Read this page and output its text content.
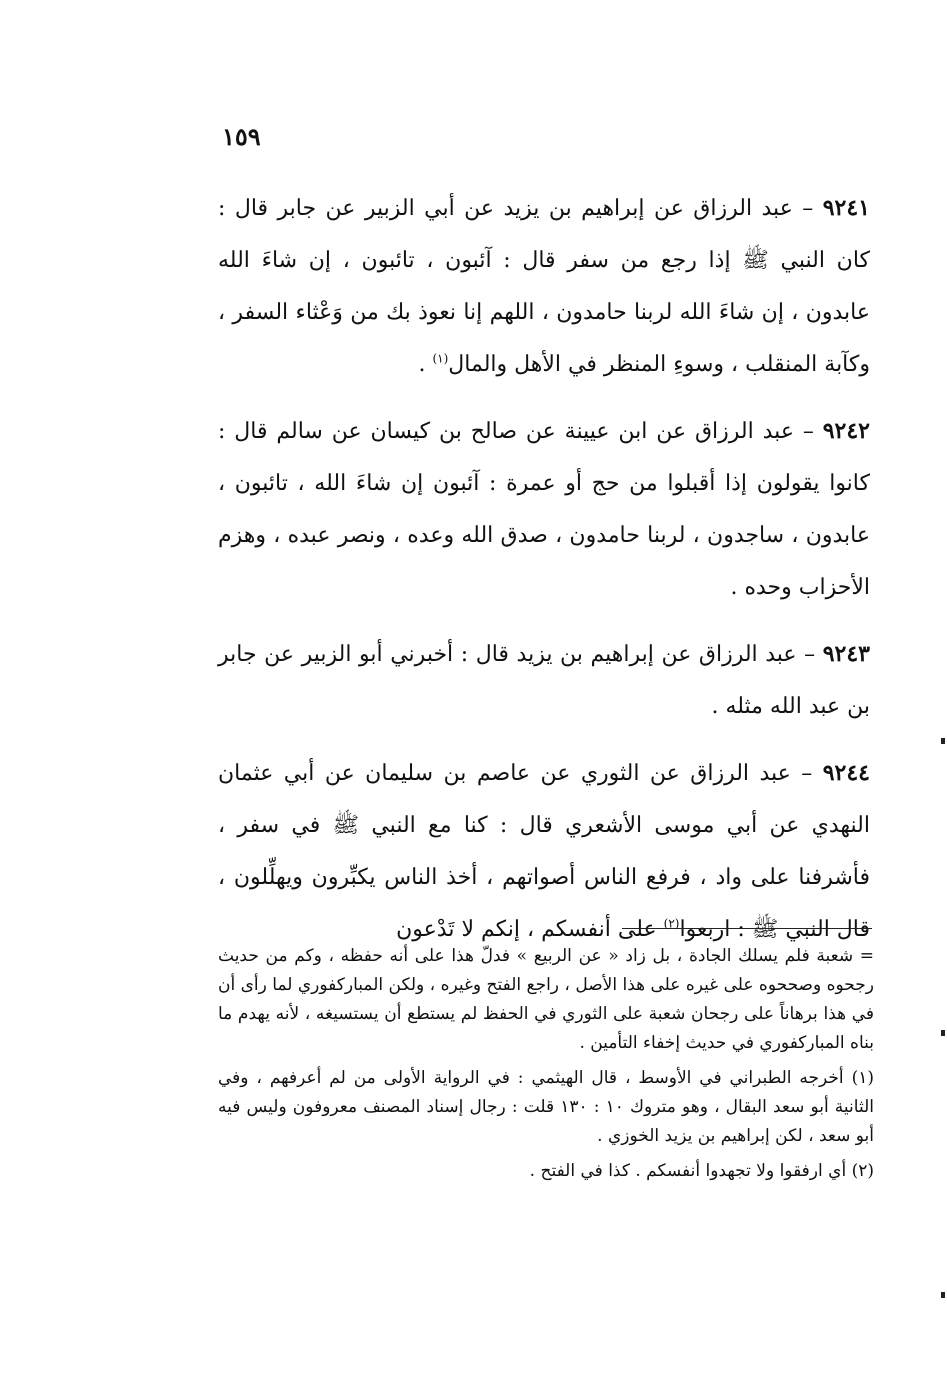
١٥٩

٩٢٤١ – عبد الرزاق عن إبراهيم بن يزيد عن أبي الزبير عن جابر قال : كان النبي ﷺ إذا رجع من سفر قال : آئبون ، تائبون ، إن شاءَ الله عابدون ، إن شاءَ الله لربنا حامدون ، اللهم إنا نعوذ بك من وَعْثاء السفر ، وكآبة المنقلب ، وسوءِ المنظر في الأهل والمال$^{(١)}$ .

٩٢٤٢ – عبد الرزاق عن ابن عيينة عن صالح بن كيسان عن سالم قال : كانوا يقولون إذا أقبلوا من حج أو عمرة : آئبون إن شاءَ الله ، تائبون ، عابدون ، ساجدون ، لربنا حامدون ، صدق الله وعده ، ونصر عبده ، وهزم الأحزاب وحده .

٩٢٤٣ – عبد الرزاق عن إبراهيم بن يزيد قال : أخبرني أبو الزبير عن جابر بن عبد الله مثله .

٩٢٤٤ – عبد الرزاق عن الثوري عن عاصم بن سليمان عن أبي عثمان النهدي عن أبي موسى الأشعري قال : كنا مع النبي ﷺ في سفر ، فأشرفنا على واد ، فرفع الناس أصواتهم ، أخذ الناس يكبِّرون ويهلِّلون ، قال النبي ﷺ : اربعوا$^{(٢)}$ على أنفسكم ، إنكم لا تَدْعون

= شعبة فلم يسلك الجادة ، بل زاد « عن الربيع » فدلّ هذا على أنه حفظه ، وكم من حديث رجحوه وصححوه على غيره على هذا الأصل ، راجع الفتح وغيره ، ولكن المباركفوري لما رأى أن في هذا برهاناً على رجحان شعبة على الثوري في الحفظ لم يستطع أن يستسيغه ، لأنه يهدم ما بناه المباركفوري في حديث إخفاء التأمين .

(١) أخرجه الطبراني في الأوسط ، قال الهيثمي : في الرواية الأولى من لم أعرفهم ، وفي الثانية أبو سعد البقال ، وهو متروك ١٠ : ١٣٠ قلت : رجال إسناد المصنف معروفون وليس فيه أبو سعد ، لكن إبراهيم بن يزيد الخوزي .

(٢) أي ارفقوا ولا تجهدوا أنفسكم . كذا في الفتح .
